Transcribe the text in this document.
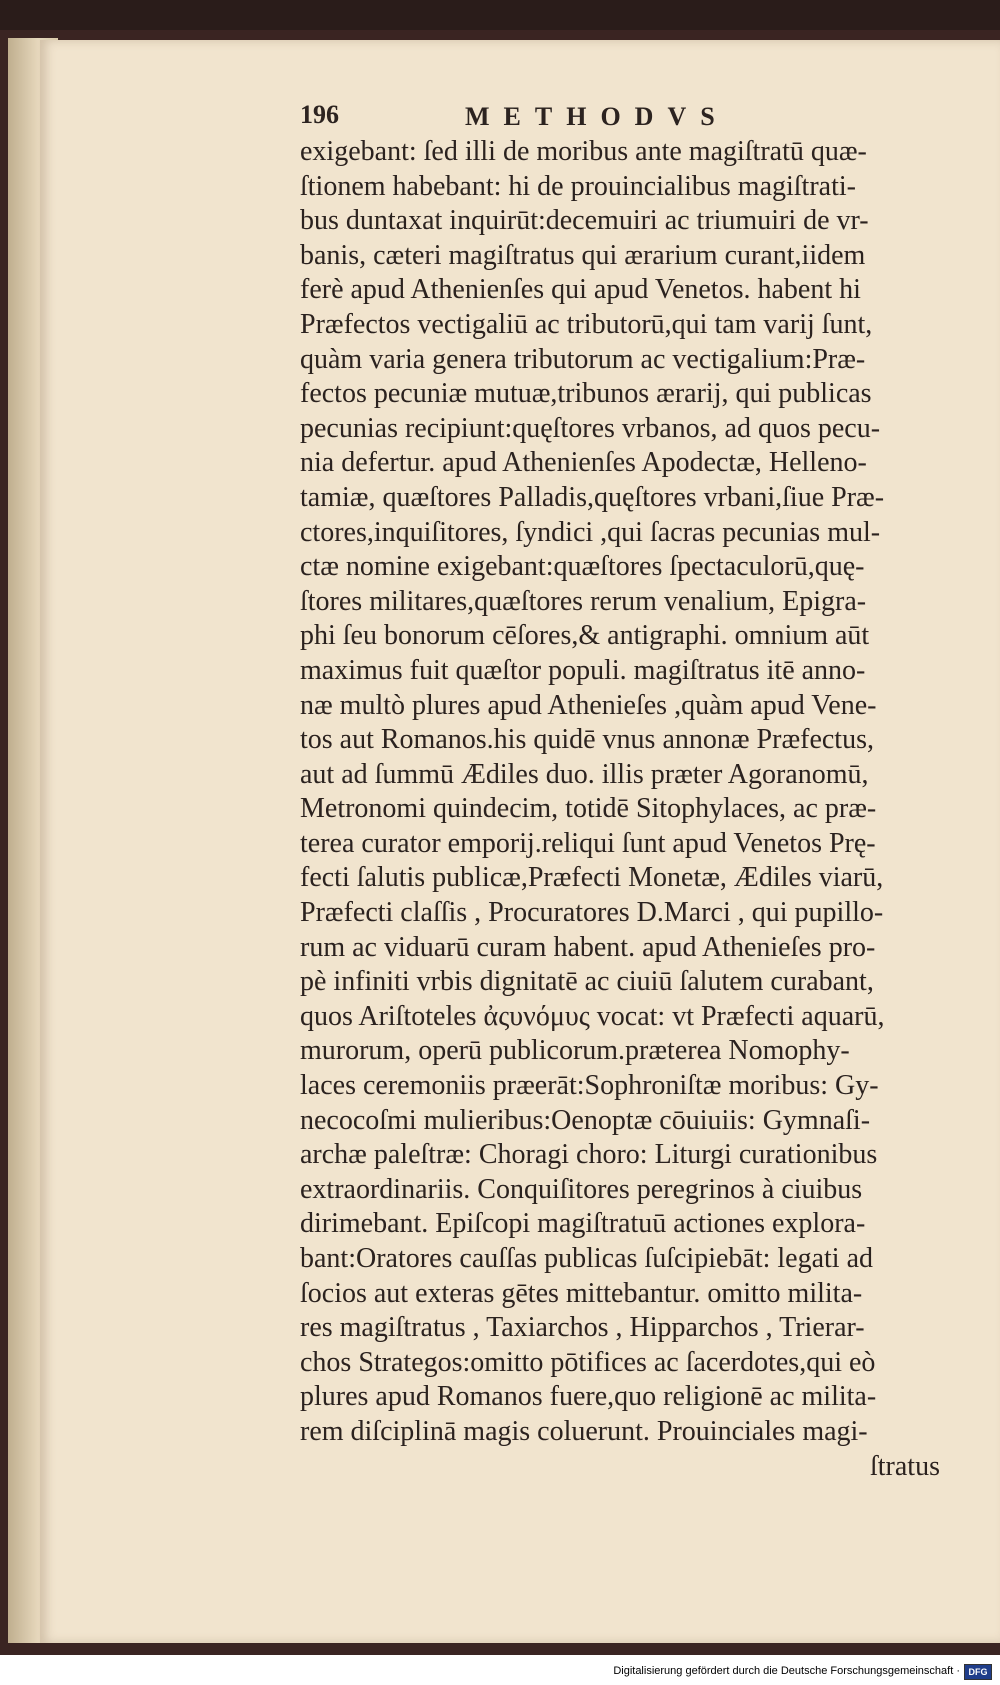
196	METHODVS
exigebant: ſed illi de moribus ante magiſtratū quæ-
ſtionem habebant: hi de prouincialibus magiſtrati-
bus duntaxat inquirūt:decemuiri ac triumuiri de vr-
banis, cæteri magiſtratus qui ærarium curant,iidem
ferè apud Athenienſes qui apud Venetos. habent hi
Præfectos vectigaliū ac tributorū,qui tam varij ſunt,
quàm varia genera tributorum ac vectigalium:Præ-
fectos pecuniæ mutuæ,tribunos ærarij, qui publicas
pecunias recipiunt:quęſtores vrbanos, ad quos pecu-
nia defertur. apud Athenienſes Apodectæ, Helleno-
tamiæ, quæſtores Palladis,quęſtores vrbani,ſiue Præ-
ctores,inquiſitores, ſyndici ,qui ſacras pecunias mul-
ctæ nomine exigebant:quæſtores ſpectaculorū,quę-
ſtores militares,quæſtores rerum venalium, Epigra-
phi ſeu bonorum cēſores,& antigraphi. omnium aūt
maximus fuit quæſtor populi. magiſtratus itē anno-
næ multò plures apud Athenieſes ,quàm apud Vene-
tos aut Romanos.his quidē vnus annonæ Præfectus,
aut ad ſummū Ædiles duo. illis præter Agoranomū,
Metronomi quindecim, totidē Sitophylaces, ac præ-
terea curator emporij.reliqui ſunt apud Venetos Prę-
fecti ſalutis publicæ,Præfecti Monetæ, Ædiles viarū,
Præfecti claſſis , Procuratores D.Marci , qui pupillo-
rum ac viduarū curam habent. apud Athenieſes pro-
pè infiniti vrbis dignitatē ac ciuiū ſalutem curabant,
quos Ariſtoteles ἀςυνόμυς vocat: vt Præfecti aquarū,
murorum, operū publicorum.præterea Nomophy-
laces ceremoniis præerāt:Sophroniſtæ moribus: Gy-
necocoſmi mulieribus:Oenoptæ cōuiuiis: Gymnaſi-
archæ paleſtræ: Choragi choro: Liturgi curationibus
extraordinariis. Conquiſitores peregrinos à ciuibus
dirimebant. Epiſcopi magiſtratuū actiones explora-
bant:Oratores cauſſas publicas ſuſcipiebāt: legati ad
ſocios aut exteras gētes mittebantur. omitto milita-
res magiſtratus , Taxiarchos , Hipparchos , Trierar-
chos Strategos:omitto pōtifices ac ſacerdotes,qui eò
plures apud Romanos fuere,quo religionē ac milita-
rem diſciplinā magis coluerunt. Prouinciales magi-
ſtratus
Digitalisierung gefördert durch die Deutsche Forschungsgemeinschaft · DFG
